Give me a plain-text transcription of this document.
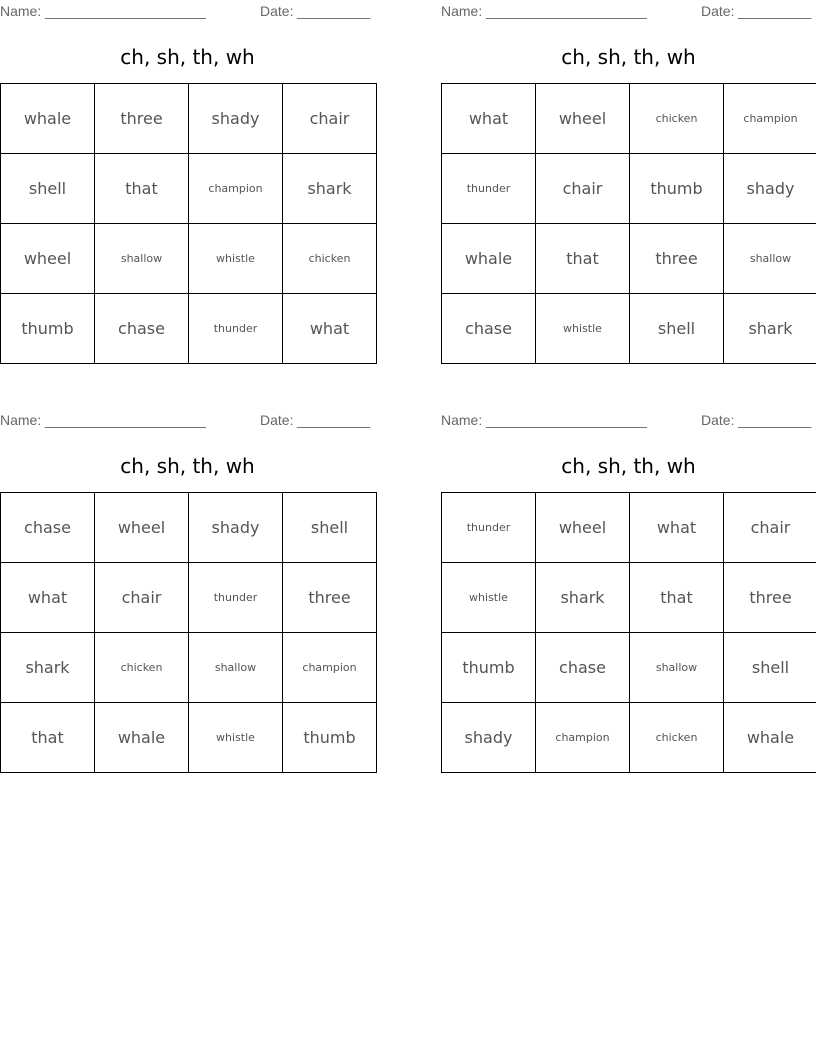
Name: ______________________	Date: __________
ch, sh, th, wh
whale	three	shady	chair
shell	that	champion	shark
wheel	shallow	whistle	chicken
thumb	chase	thunder	what
Name: ______________________	Date: __________
ch, sh, th, wh
what	wheel	chicken	champion
thunder	chair	thumb	shady
whale	that	three	shallow
chase	whistle	shell	shark
Name: ______________________	Date: __________
ch, sh, th, wh
chase	wheel	shady	shell
what	chair	thunder	three
shark	chicken	shallow	champion
that	whale	whistle	thumb
Name: ______________________	Date: __________
ch, sh, th, wh
thunder	wheel	what	chair
whistle	shark	that	three
thumb	chase	shallow	shell
shady	champion	chicken	whale
